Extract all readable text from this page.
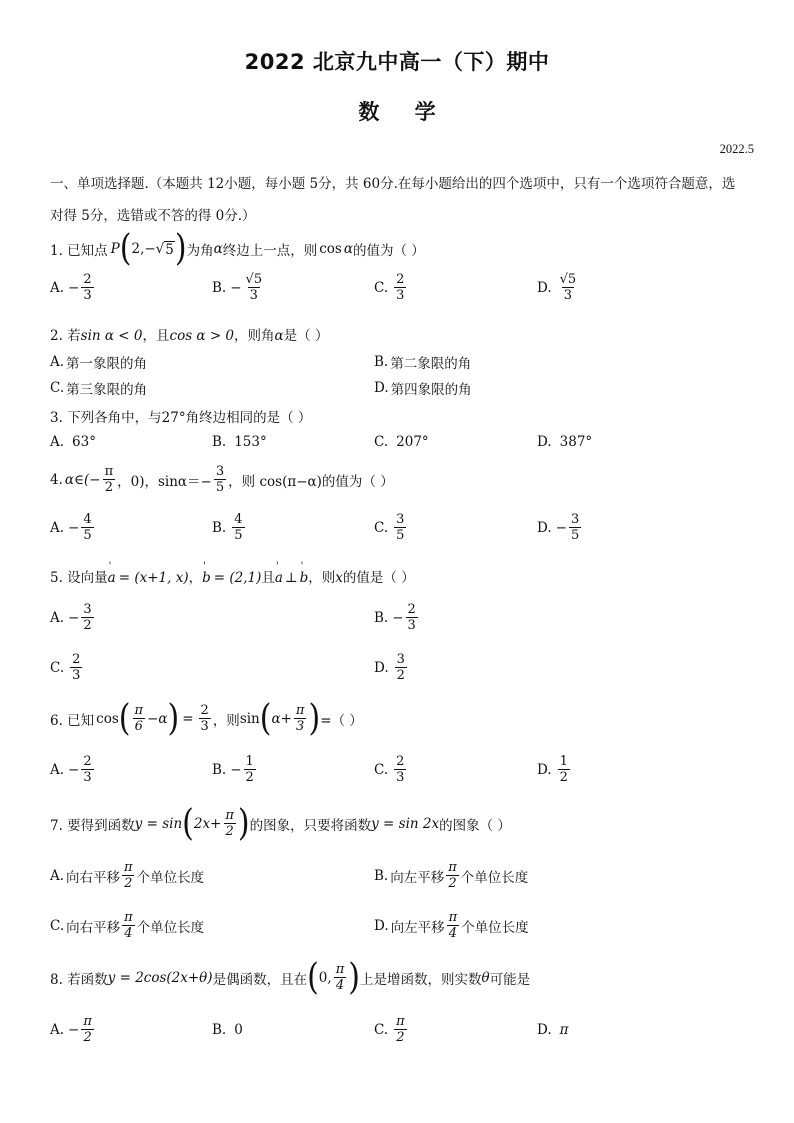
2022 北京九中高一（下）期中
数 学
2022.5
一、单项选择题.（本题共 12小题，每小题 5分，共 60分.在每小题给出的四个选项中，只有一个选项符合题意，选
对得 5分，选错或不答的得 0分.）
1. 已知点 P ( 2, −√ 5 ) 为角 α 终边上一点，则 cos α 的值为（ ）
A. − $\frac{2}{3}$	B. − $\frac{√5}{3}$	C. $\frac{2}{3}$	D. $\frac{√5}{3}$
2. 若sin α < 0，且cos α > 0，则角α是（ ）
A. 第一象限的角	B. 第二象限的角
C. 第三象限的角	D. 第四象限的角
3. 下列各角中，与27°角终边相同的是（ ）
A. 63°	B. 153°	C. 207°	D. 387°
4. α∈(− $\frac{\pi}{2}$ ，0)，$\sin\alpha=- \frac{3}{5}$ ，则 cos(π−α)的值为（ ）
A. − $\frac{4}{5}$	B. $\frac{4}{5}$	C. $\frac{3}{5}$	D. − $\frac{3}{5}$
5. 设向量' a = (x+1, x)，' b = (2,1)且' a ⊥' b，则x的值是（ ）
A. − $\frac{3}{2}$	B. − $\frac{2}{3}$
C. $\frac{2}{3}$	D. $\frac{3}{2}$
6. 已知 cos ( $\frac{\pi}{6} -\alpha$ ) = $\frac{2}{3}$ ，则 sin ( $\alpha+ \frac{\pi}{3}$ ) =（ ）
A. − $\frac{2}{3}$	B. − $\frac{1}{2}$	C. $\frac{2}{3}$	D. $\frac{1}{2}$
7. 要得到函数 y = sin ( $2x+ \frac{\pi}{2}$ ) 的图象，只要将函数 y = sin 2x 的图象（ ）
A. 向右平移 $\frac{\pi}{2}$ 个单位长度	B. 向左平移 $\frac{\pi}{2}$ 个单位长度
C. 向右平移 $\frac{\pi}{4}$ 个单位长度	D. 向左平移 $\frac{\pi}{4}$ 个单位长度
8. 若函数 y = 2cos(2x+θ) 是偶函数，且在 ( 0, $\frac{\pi}{4}$ ) 上是增函数，则实数 θ 可能是
A. − $\frac{\pi}{2}$	B. 0	C. $\frac{\pi}{2}$	D. π
